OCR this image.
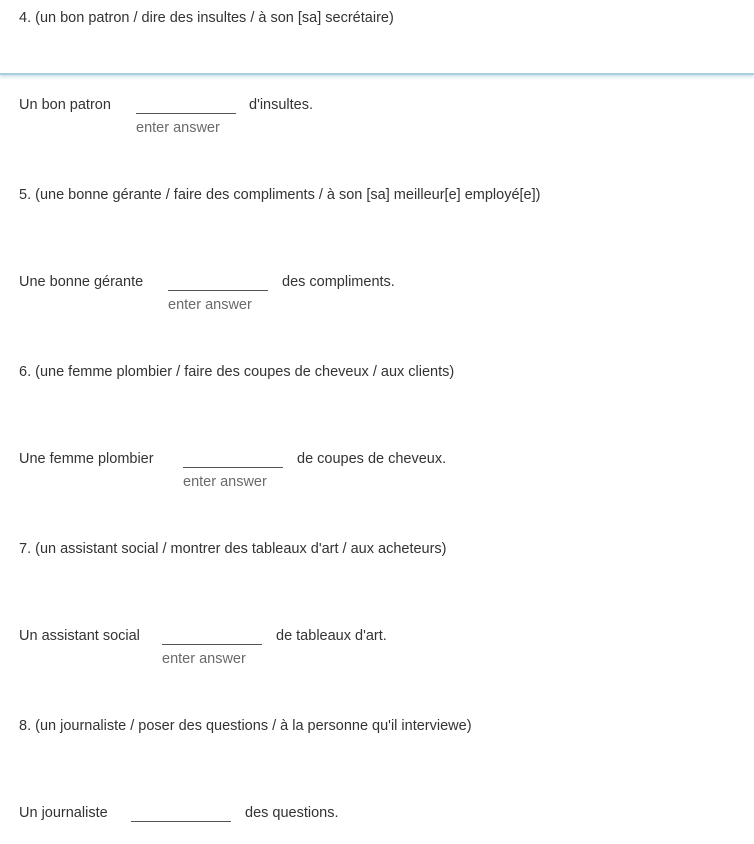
4. (un bon patron / dire des insultes / à son [sa] secrétaire)
Un bon patron
enter answer
d'insultes.
5. (une bonne gérante / faire des compliments / à son [sa] meilleur[e] employé[e])
Une bonne gérante
enter answer
des compliments.
6. (une femme plombier / faire des coupes de cheveux / aux clients)
Une femme plombier
enter answer
de coupes de cheveux.
7. (un assistant social / montrer des tableaux d'art / aux acheteurs)
Un assistant social
enter answer
de tableaux d'art.
8. (un journaliste / poser des questions / à la personne qu'il interviewe)
Un journaliste	des questions.
